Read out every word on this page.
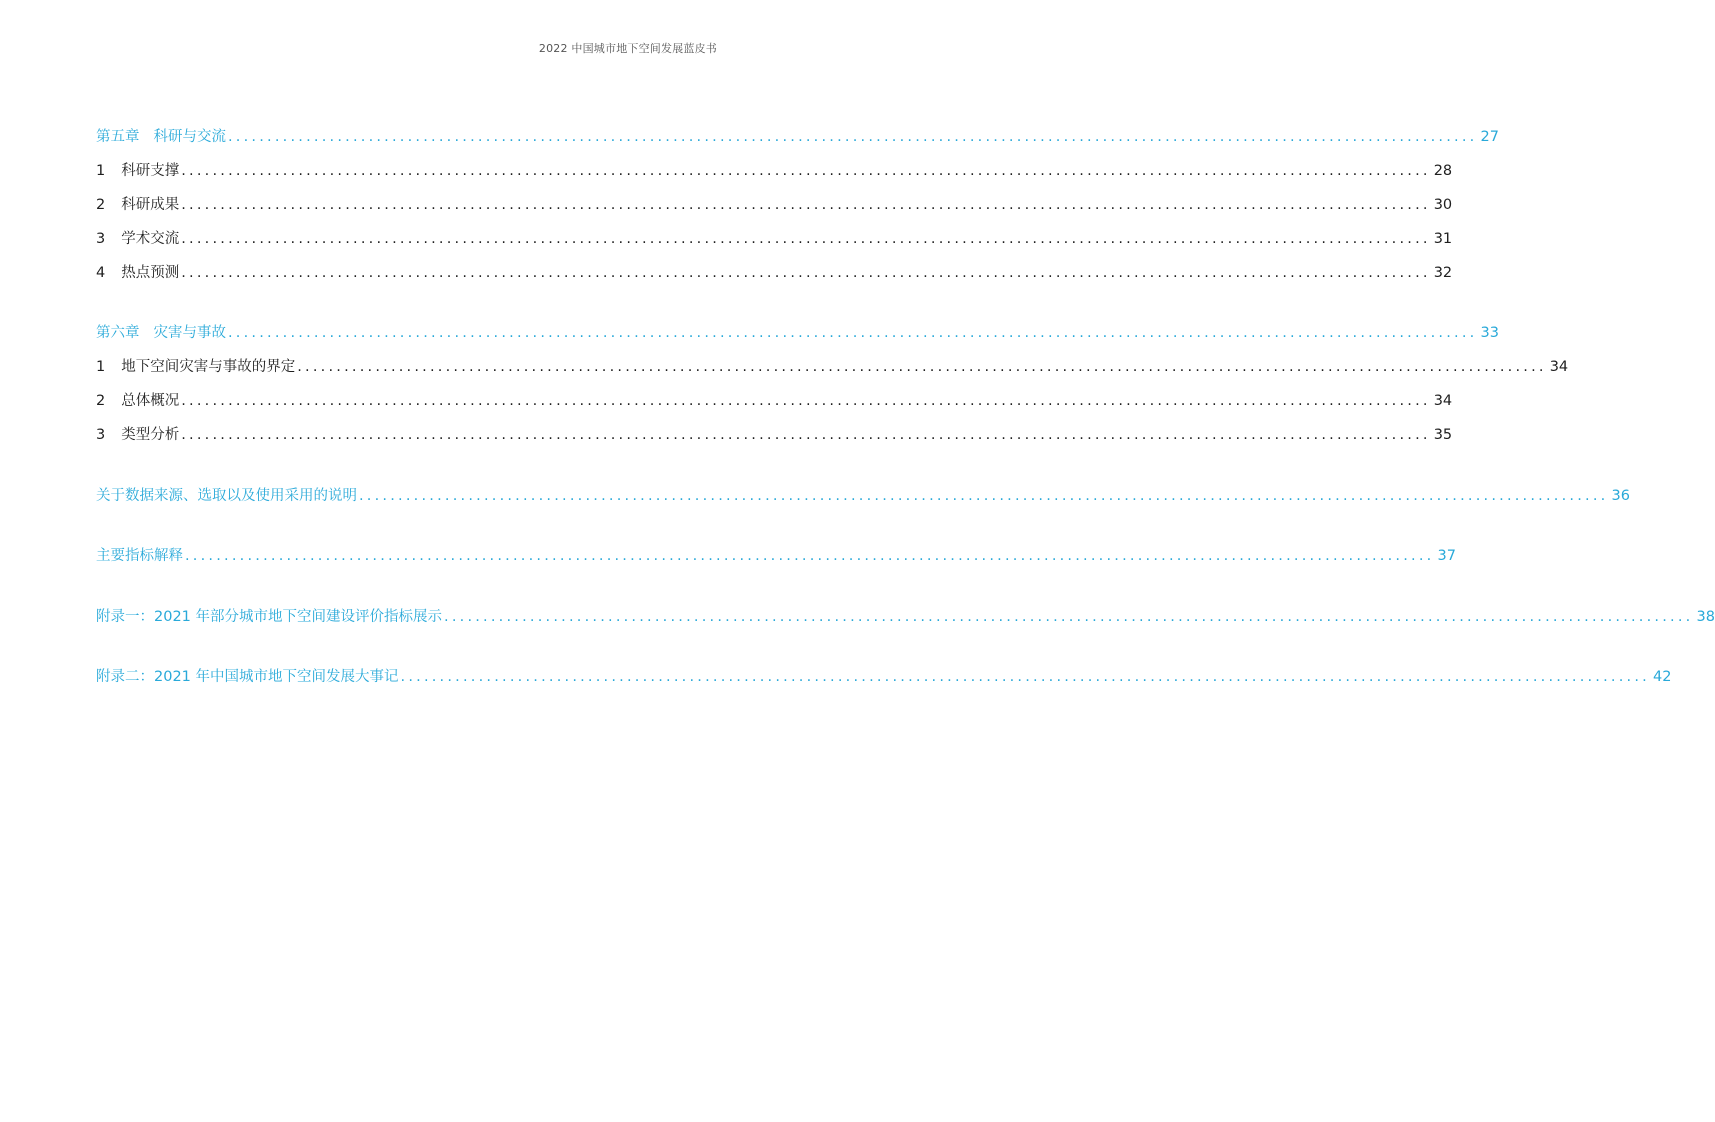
2022 中国城市地下空间发展蓝皮书
第五章 科研与交流 ................................................................................................................................................................ 27
1 科研支撑 ................................................................................................................................................................ 28
2 科研成果 ................................................................................................................................................................ 30
3 学术交流 ................................................................................................................................................................ 31
4 热点预测 ................................................................................................................................................................ 32
第六章 灾害与事故 ................................................................................................................................................................ 33
1 地下空间灾害与事故的界定 ................................................................................................................................................................ 34
2 总体概况 ................................................................................................................................................................ 34
3 类型分析 ................................................................................................................................................................ 35
关于数据来源、选取以及使用采用的说明 ................................................................................................................................................................ 36
主要指标解释 ................................................................................................................................................................ 37
附录一：2021 年部分城市地下空间建设评价指标展示 ................................................................................................................................................................ 38
附录二：2021 年中国城市地下空间发展大事记 ................................................................................................................................................................ 42
